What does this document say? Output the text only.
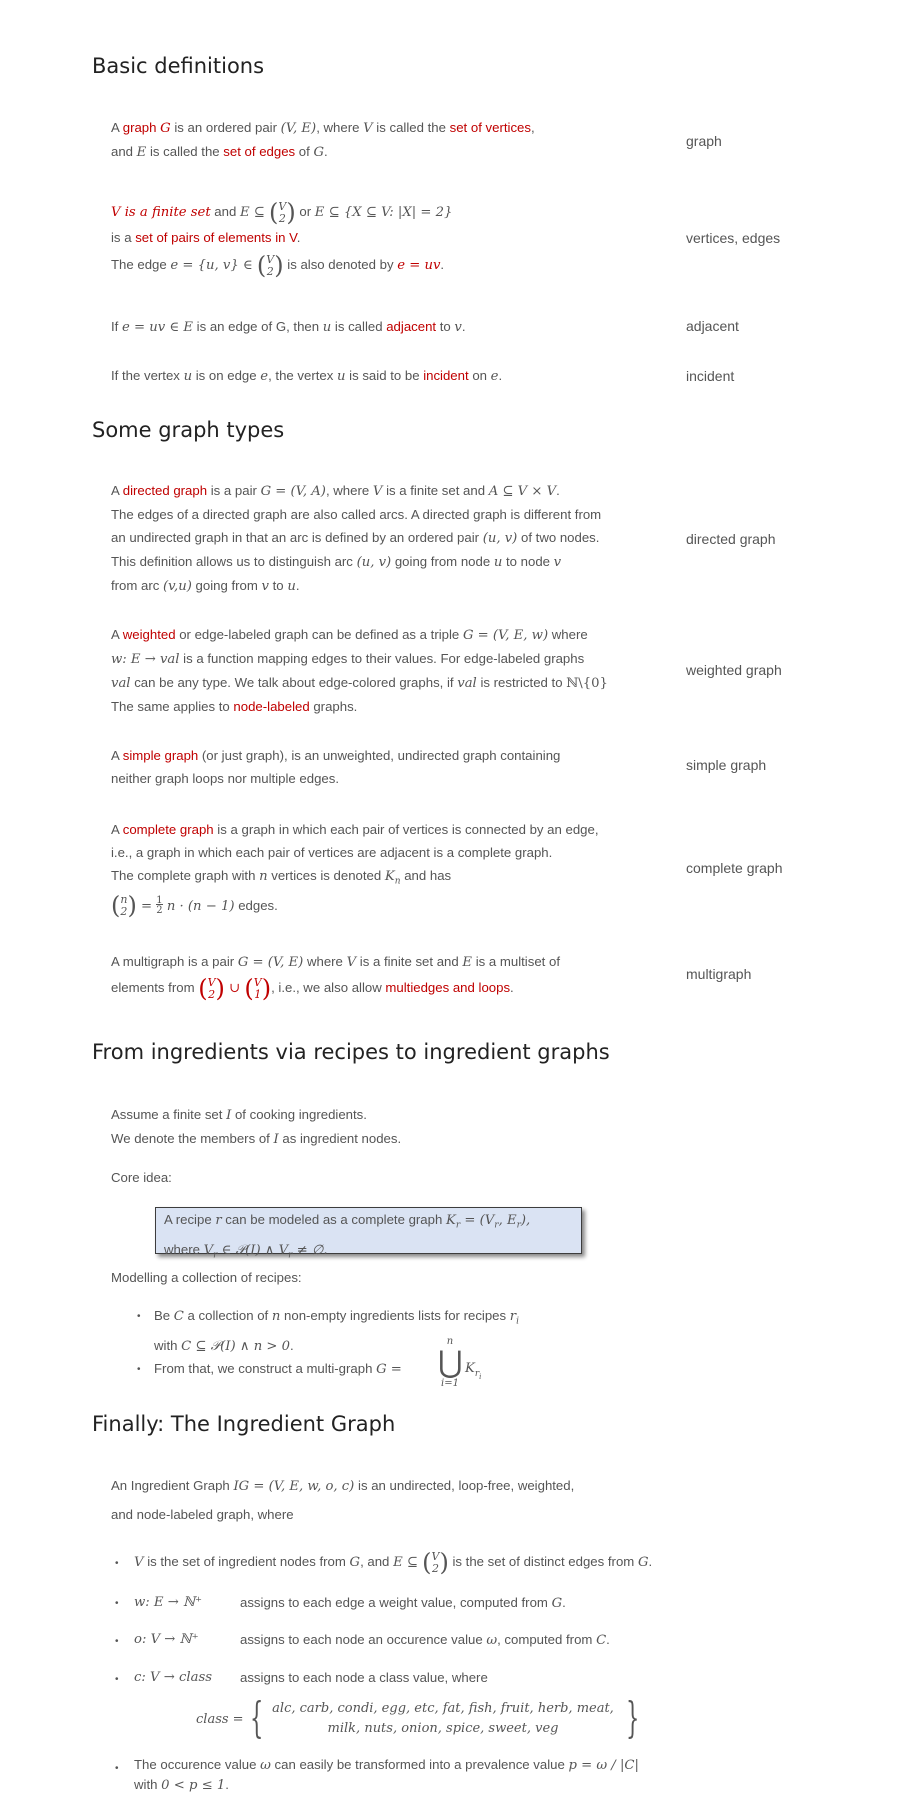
Basic definitions
A graph G is an ordered pair (V, E), where V is called the set of vertices,
and E is called the set of edges of G.
graph
V is a finite set and E ⊆ (V
2) or E ⊆ {X ⊆ V: |X| = 2}
is a set of pairs of elements in V.
The edge e = {u, v} ∈ (V
2) is also denoted by e = uv.
vertices, edges
If e = uv ∈ E is an edge of G, then u is called adjacent to v.	adjacent
If the vertex u is on edge e, the vertex u is said to be incident on e.	incident
Some graph types
A directed graph is a pair G = (V, A), where V is a finite set and A ⊆ V × V.
The edges of a directed graph are also called arcs. A directed graph is different from
an undirected graph in that an arc is defined by an ordered pair (u, v) of two nodes.
This definition allows us to distinguish arc (u, v) going from node u to node v
from arc (v,u) going from v to u.
directed graph
A weighted or edge-labeled graph can be defined as a triple G = (V, E, w) where
w: E → val is a function mapping edges to their values. For edge-labeled graphs
val can be any type. We talk about edge-colored graphs, if val is restricted to ℕ\{0}
The same applies to node-labeled graphs.
weighted graph
A simple graph (or just graph), is an unweighted, undirected graph containing
neither graph loops nor multiple edges.
simple graph
A complete graph is a graph in which each pair of vertices is connected by an edge,
i.e., a graph in which each pair of vertices are adjacent is a complete graph.
The complete graph with n vertices is denoted $K_n$ and has
(n
$2) = \frac{1}{2}$ n · (n − 1) edges.
complete graph
A multigraph is a pair G = (V, E) where V is a finite set and E is a multiset of
elements from (V
2) ∪ (V
1), i.e., we also allow multiedges and loops.
multigraph
From ingredients via recipes to ingredient graphs
Assume a finite set I of cooking ingredients.
We denote the members of I as ingredient nodes.
Core idea:
A recipe r can be modeled as a complete graph $K_r = (V_r$, $E_r$),
where $V_r$ ∈ 𝒫(I) ∧ $V_r$ ≠ ∅.
Modelling a collection of recipes:
• Be C a collection of n non-empty ingredients lists for recipes $r_i$
with C ⊆ 𝒫(I) ∧ n > 0.
• From that, we construct a multi-graph G =
n
⋃
i=1
$K_{r_i}$
Finally: The Ingredient Graph
An Ingredient Graph IG = (V, E, w, o, c) is an undirected, loop-free, weighted,
and node-labeled graph, where
• V is the set of ingredient nodes from G, and E ⊆ (V
2) is the set of distinct edges from G.
• w: E → ℕ⁺	assigns to each edge a weight value, computed from G.
• o: V → ℕ⁺	assigns to each node an occurence value ω, computed from C.
• c: V → class assigns to each node a class value, where
class = { alc, carb, condi, egg, etc, fat, fish, fruit, herb, meat,
milk, nuts, onion, spice, sweet, veg	}
• The occurence value ω can easily be transformed into a prevalence value p = ω / |C|
with 0 < p ≤ 1.
